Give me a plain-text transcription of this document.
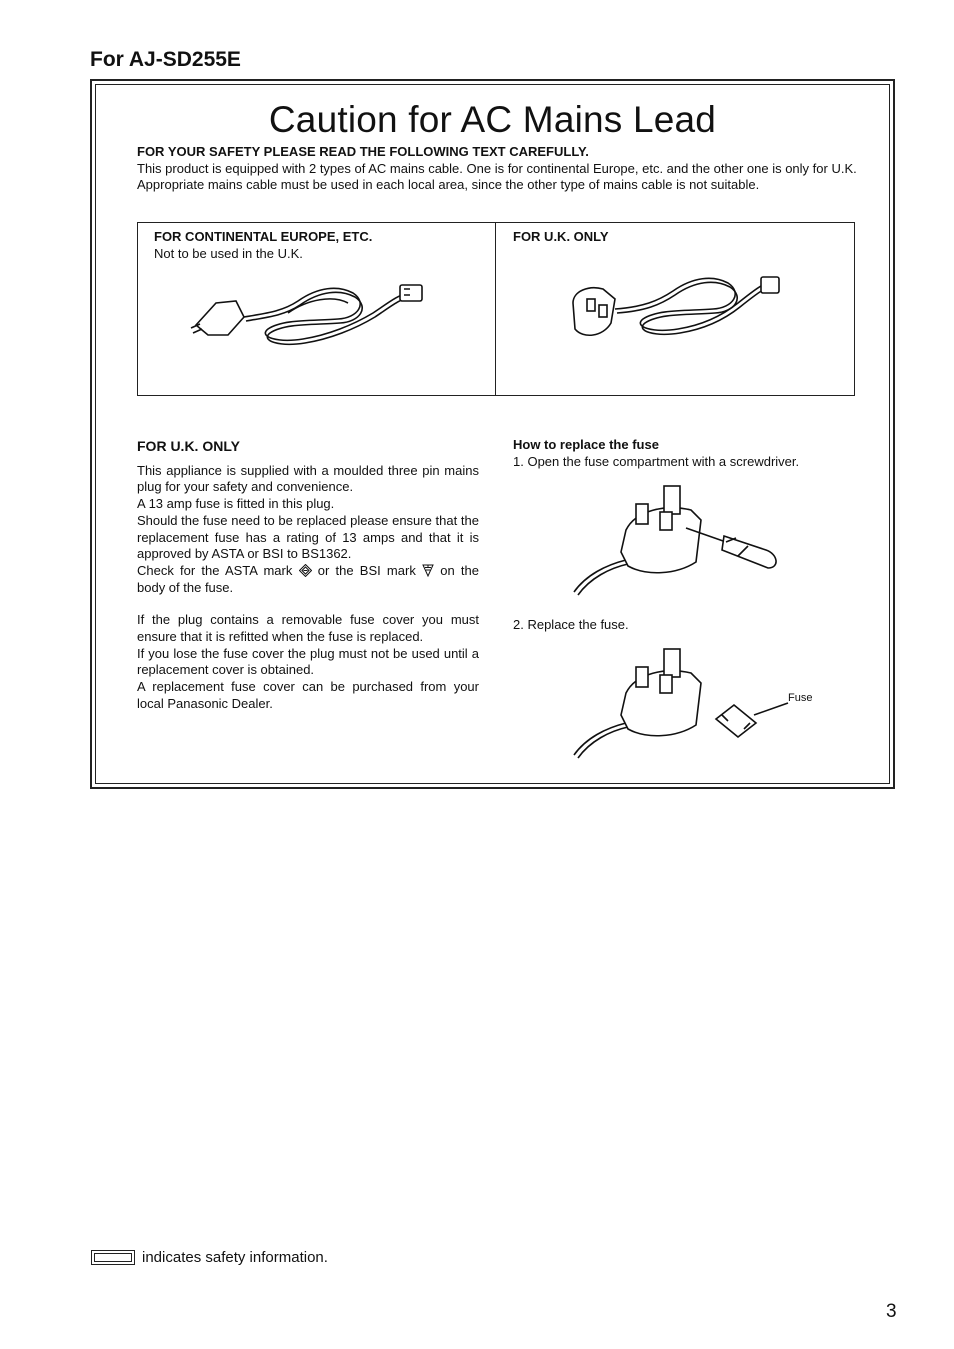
For AJ-SD255E
Caution for AC Mains Lead

FOR YOUR SAFETY PLEASE READ THE FOLLOWING TEXT CAREFULLY.

This product is equipped with 2 types of AC mains cable. One is for continental Europe, etc. and the other one is only for U.K.

Appropriate mains cable must be used in each local area, since the other type of mains cable is not suitable.

FOR CONTINENTAL EUROPE, ETC.
Not to be used in the U.K.
FOR U.K. ONLY
FOR U.K. ONLY

This appliance is supplied with a moulded three pin mains plug for your safety and convenience.

A 13 amp fuse is fitted in this plug.

Should the fuse need to be replaced please ensure that the replacement fuse has a rating of 13 amps and that it is approved by ASTA or BSI to BS1362.

Check for the ASTA mark or the BSI mark on the body of the fuse.

If the plug contains a removable fuse cover you must ensure that it is refitted when the fuse is replaced.

If you lose the fuse cover the plug must not be used until a replacement cover is obtained.

A replacement fuse cover can be purchased from your local Panasonic Dealer.

How to replace the fuse
1. Open the fuse compartment with a screwdriver.
2. Replace the fuse.
Fuse
indicates safety information.
3
